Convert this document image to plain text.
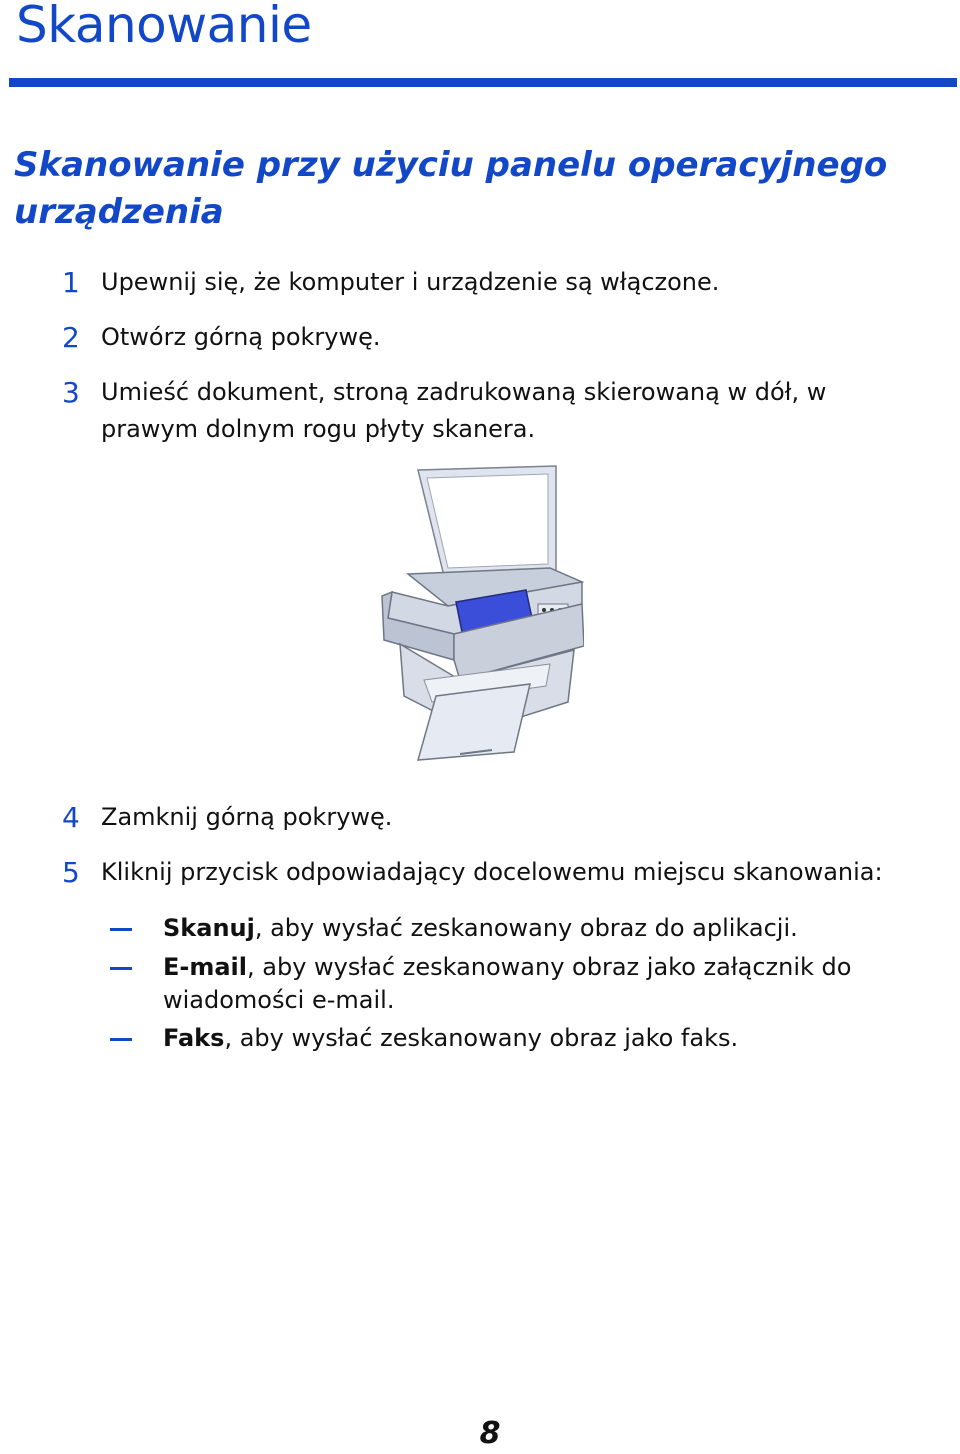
Skanowanie
Skanowanie przy użyciu panelu operacyjnego urządzenia
1 Upewnij się, że komputer i urządzenie są włączone.
2 Otwórz górną pokrywę.
3 Umieść dokument, stroną zadrukowaną skierowaną w dół, w prawym dolnym rogu płyty skanera.
4 Zamknij górną pokrywę.
5 Kliknij przycisk odpowiadający docelowemu miejscu skanowania:
Skanuj, aby wysłać zeskanowany obraz do aplikacji.
E-mail, aby wysłać zeskanowany obraz jako załącznik do wiadomości e-mail.
Faks, aby wysłać zeskanowany obraz jako faks.
8
